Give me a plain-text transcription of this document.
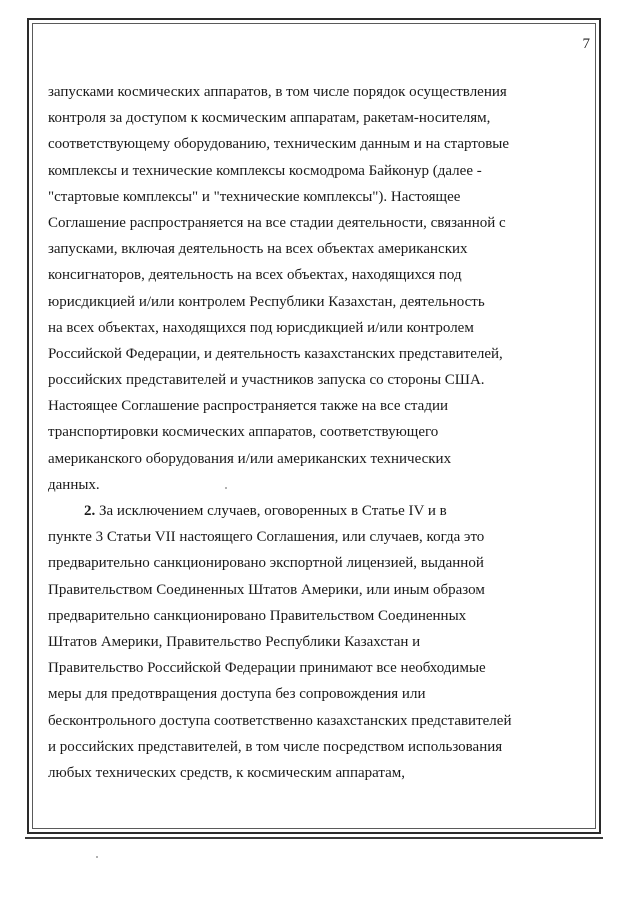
7
запусками космических аппаратов, в том числе порядок осуществления
контроля за доступом к космическим аппаратам, ракетам-носителям,
соответствующему оборудованию, техническим данным и на стартовые
комплексы и технические комплексы космодрома Байконур (далее -
"стартовые комплексы" и "технические комплексы"). Настоящее
Соглашение распространяется на все стадии деятельности, связанной с
запусками, включая деятельность на всех объектах американских
консигнаторов, деятельность на всех объектах, находящихся под
юрисдикцией и/или контролем Республики Казахстан, деятельность
на всех объектах, находящихся под юрисдикцией и/или контролем
Российской Федерации, и деятельность казахстанских представителей,
российских представителей и участников запуска со стороны США.
Настоящее Соглашение распространяется также на все стадии
транспортировки космических аппаратов, соответствующего
американского оборудования и/или американских технических
данных.
2. За исключением случаев, оговоренных в Статье IV и в
пункте 3 Статьи VII настоящего Соглашения, или случаев, когда это
предварительно санкционировано экспортной лицензией, выданной
Правительством Соединенных Штатов Америки, или иным образом
предварительно санкционировано Правительством Соединенных
Штатов Америки, Правительство Республики Казахстан и
Правительство Российской Федерации принимают все необходимые
меры для предотвращения доступа без сопровождения или
бесконтрольного доступа соответственно казахстанских представителей
и российских представителей, в том числе посредством использования
любых технических средств, к космическим аппаратам,
